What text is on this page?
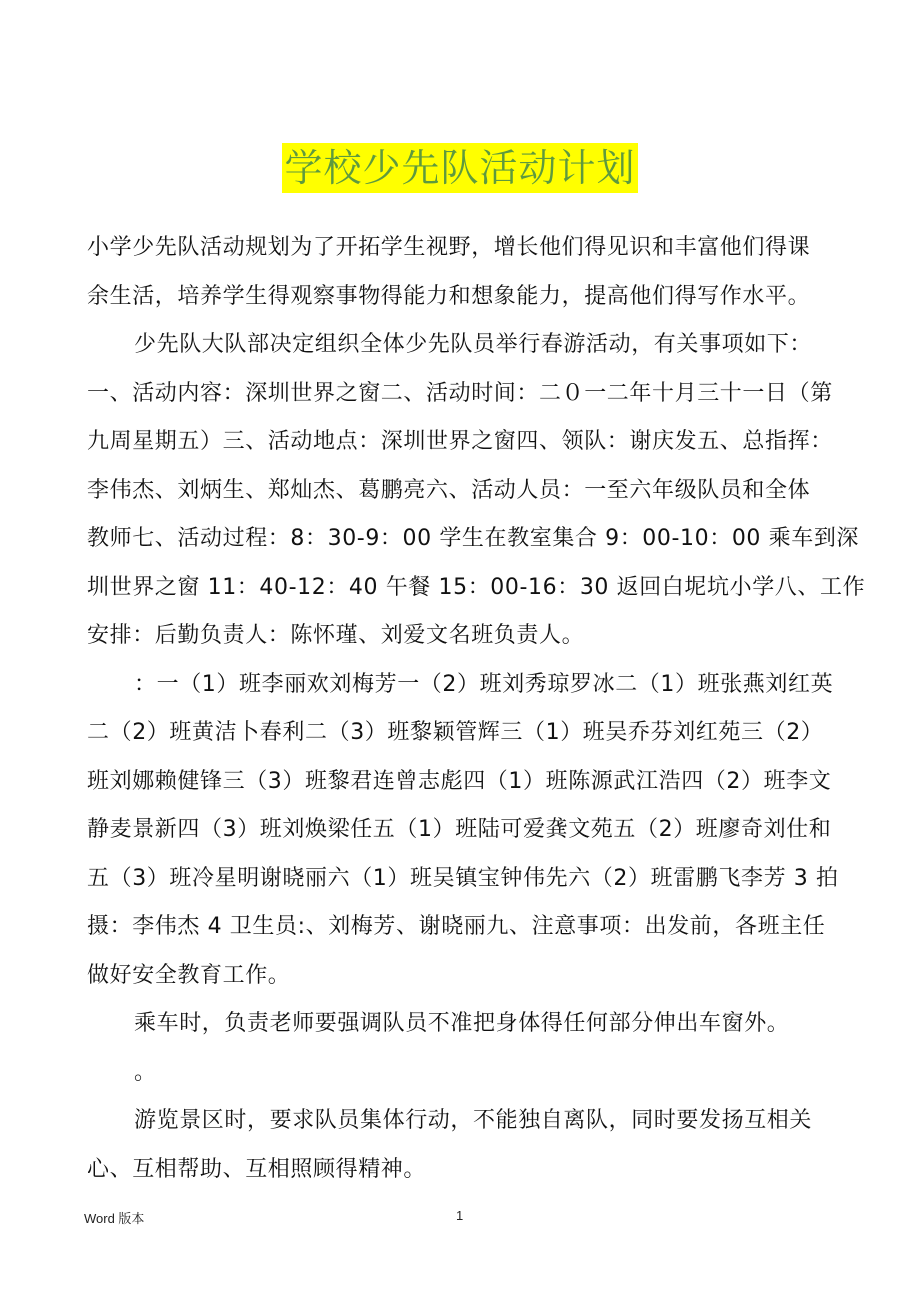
学校少先队活动计划
小学少先队活动规划为了开拓学生视野，增长他们得见识和丰富他们得课
余生活，培养学生得观察事物得能力和想象能力，提高他们得写作水平。
少先队大队部决定组织全体少先队员举行春游活动，有关事项如下：
一、活动内容：深圳世界之窗二、活动时间：二０一二年十月三十一日（第
九周星期五）三、活动地点：深圳世界之窗四、领队：谢庆发五、总指挥：
李伟杰、刘炳生、郑灿杰、葛鹏亮六、活动人员：一至六年级队员和全体
教师七、活动过程：8：30-9：00 学生在教室集合 9：00-10：00 乘车到深
圳世界之窗 11：40-12：40 午餐 15：00-16：30 返回白坭坑小学八、工作
安排：后勤负责人：陈怀瑾、刘爱文名班负责人。
：一（1）班李丽欢刘梅芳一（2）班刘秀琼罗冰二（1）班张燕刘红英
二（2）班黄洁卜春利二（3）班黎颖管辉三（1）班吴乔芬刘红苑三（2）
班刘娜赖健锋三（3）班黎君连曾志彪四（1）班陈源武江浩四（2）班李文
静麦景新四（3）班刘焕梁任五（1）班陆可爱龚文苑五（2）班廖奇刘仕和
五（3）班冷星明谢晓丽六（1）班吴镇宝钟伟先六（2）班雷鹏飞李芳 3 拍
摄：李伟杰 4 卫生员:、刘梅芳、谢晓丽九、注意事项：出发前，各班主任
做好安全教育工作。
乘车时，负责老师要强调队员不准把身体得任何部分伸出车窗外。
。
游览景区时，要求队员集体行动，不能独自离队，同时要发扬互相关
心、互相帮助、互相照顾得精神。
Word 版本	1
